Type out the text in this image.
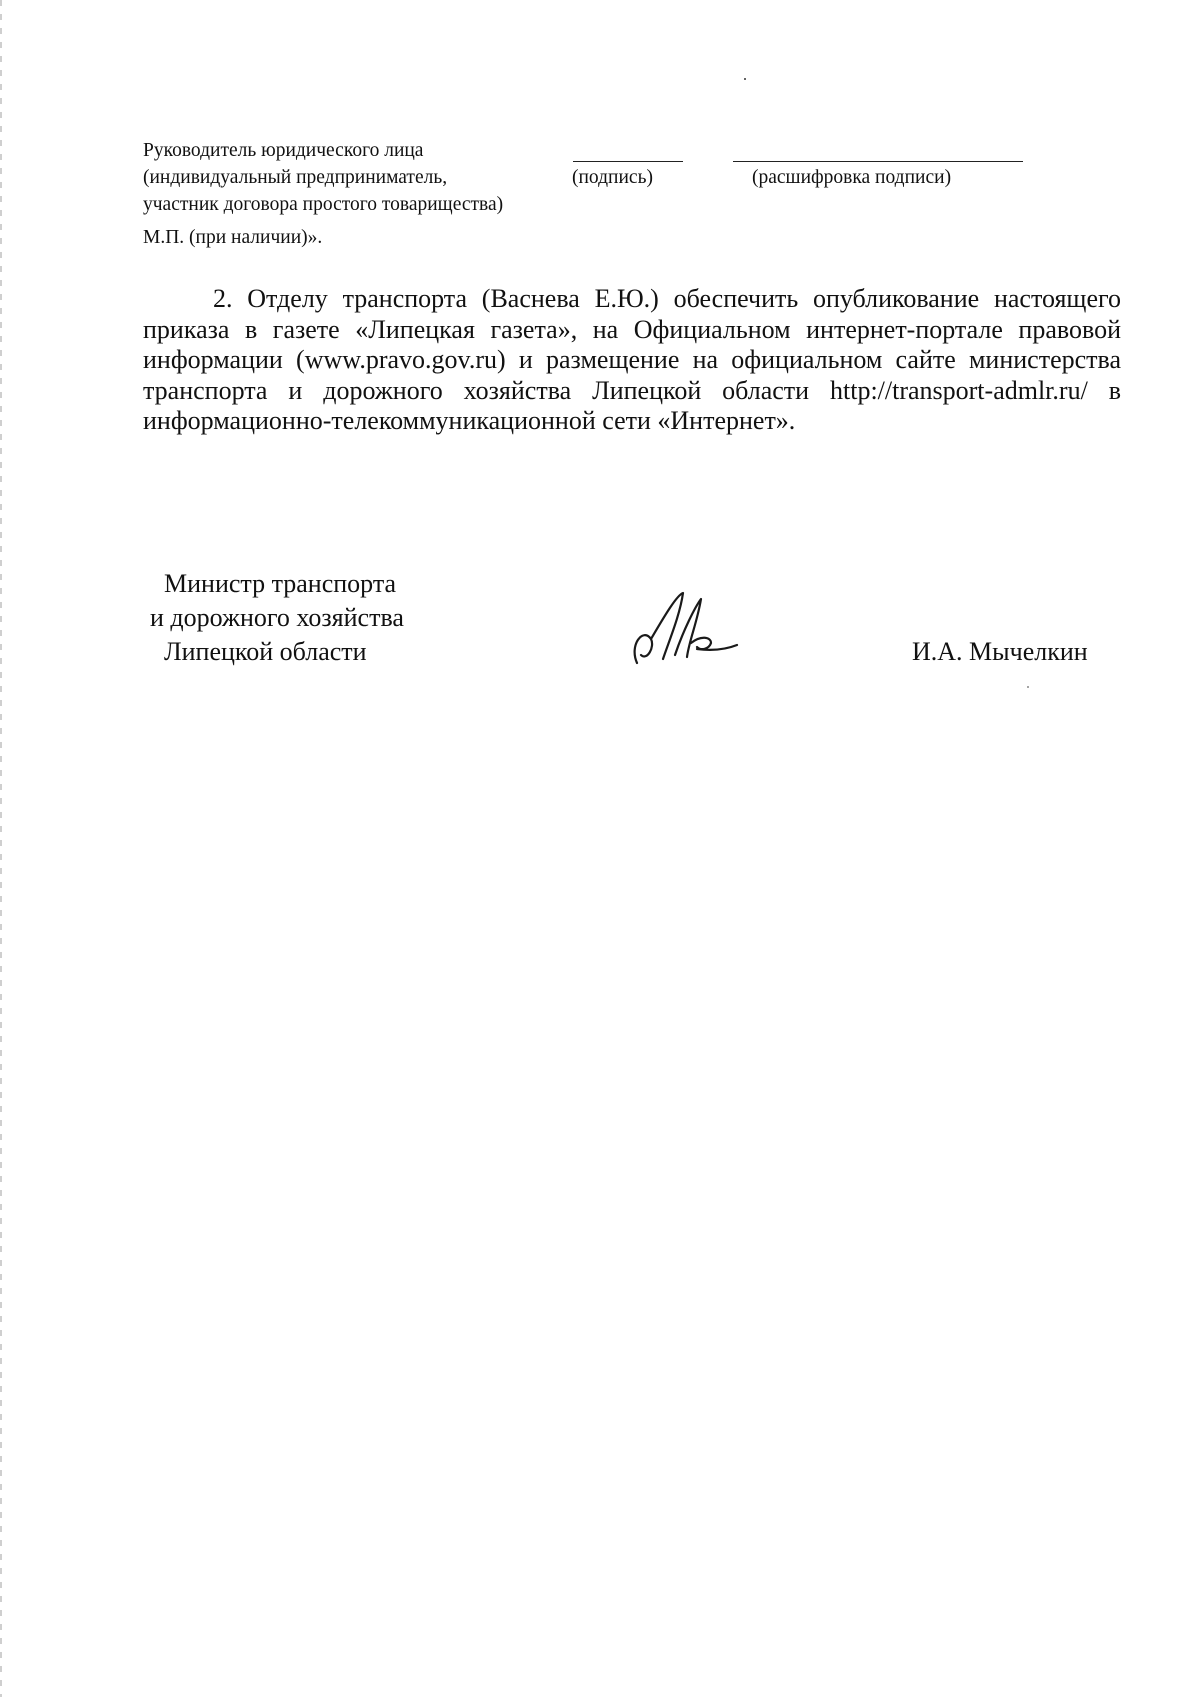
Руководитель юридического лица
(индивидуальный предприниматель,
участник договора простого товарищества)
М.П. (при наличии)».
(подпись)	(расшифровка подписи)

2. Отделу транспорта (Васнева Е.Ю.) обеспечить опубликование настоящего приказа в газете «Липецкая газета», на Официальном интернет-портале правовой информации (www.pravo.gov.ru) и размещение на официальном сайте министерства транспорта и дорожного хозяйства Липецкой области http://transport-admlr.ru/ в информационно-телекоммуникационной сети «Интернет».

Министр транспорта
и дорожного хозяйства
Липецкой области	И.А. Мычелкин
